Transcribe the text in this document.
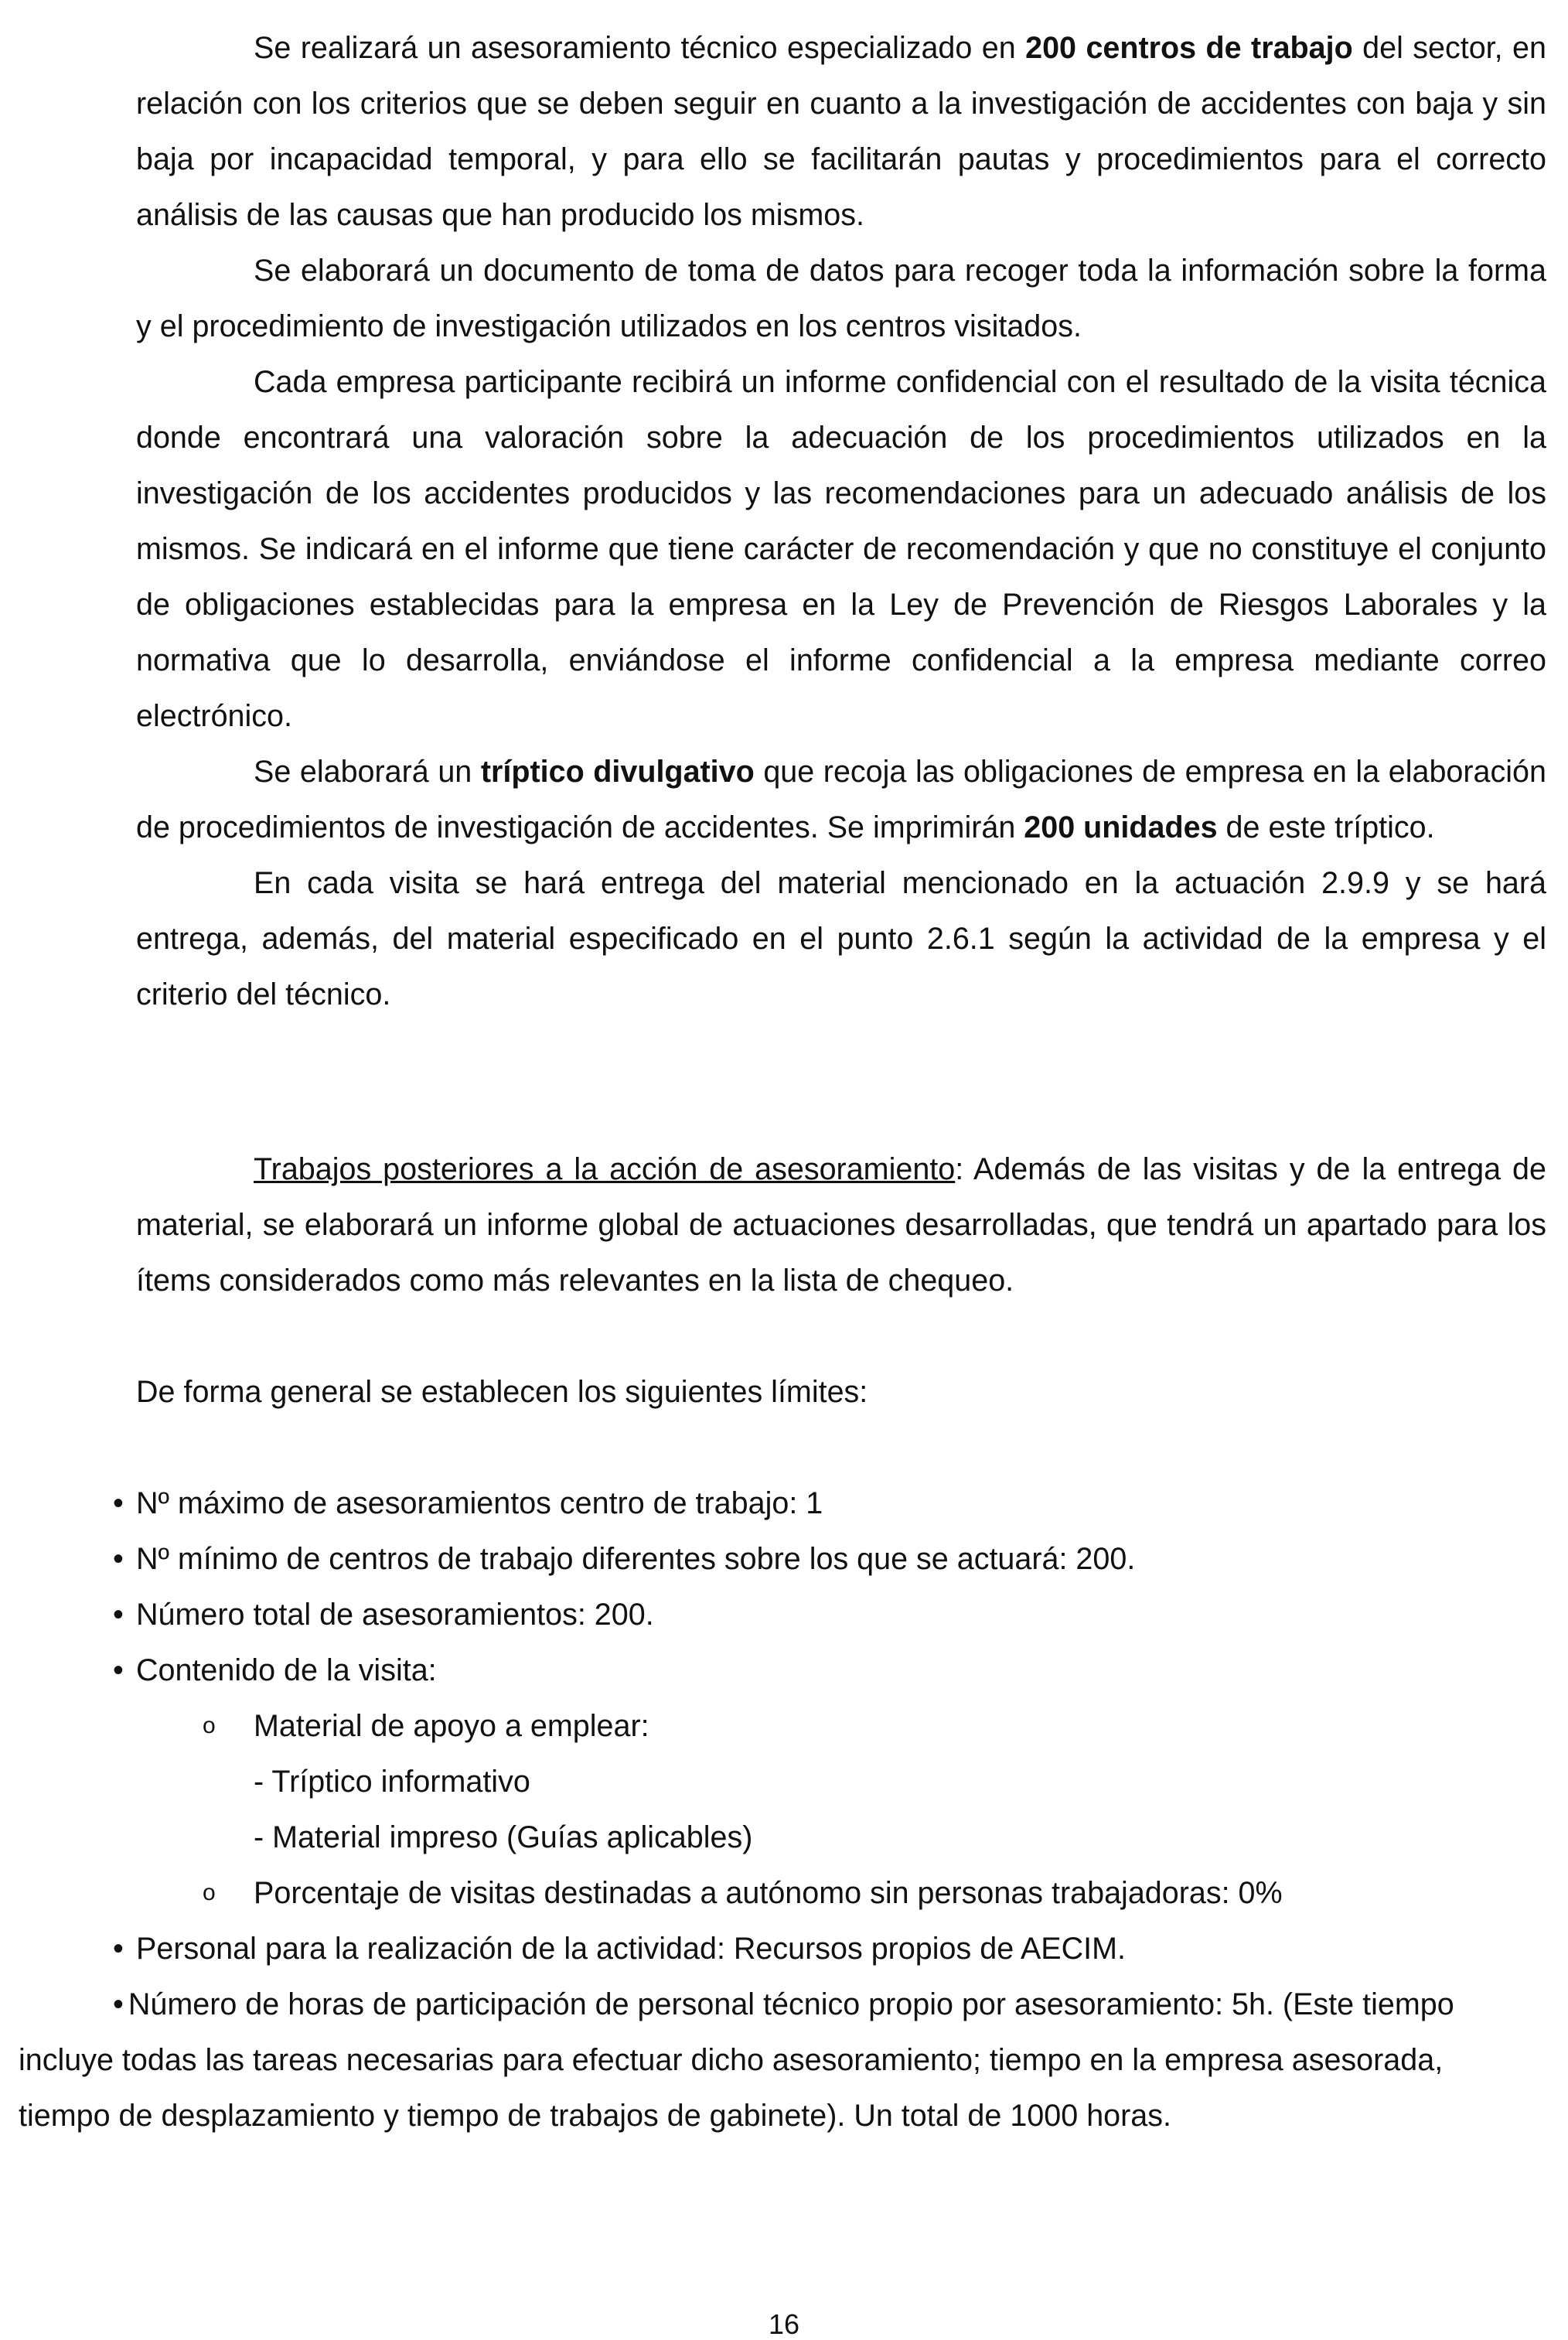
Se realizará un asesoramiento técnico especializado en 200 centros de trabajo del sector, en relación con los criterios que se deben seguir en cuanto a la investigación de accidentes con baja y sin baja por incapacidad temporal, y para ello se facilitarán pautas y procedimientos para el correcto análisis de las causas que han producido los mismos.

Se elaborará un documento de toma de datos para recoger toda la información sobre la forma y el procedimiento de investigación utilizados en los centros visitados.

Cada empresa participante recibirá un informe confidencial con el resultado de la visita técnica donde encontrará una valoración sobre la adecuación de los procedimientos utilizados en la investigación de los accidentes producidos y las recomendaciones para un adecuado análisis de los mismos. Se indicará en el informe que tiene carácter de recomendación y que no constituye el conjunto de obligaciones establecidas para la empresa en la Ley de Prevención de Riesgos Laborales y la normativa que lo desarrolla, enviándose el informe confidencial a la empresa mediante correo electrónico.

Se elaborará un tríptico divulgativo que recoja las obligaciones de empresa en la elaboración de procedimientos de investigación de accidentes. Se imprimirán 200 unidades de este tríptico.

En cada visita se hará entrega del material mencionado en la actuación 2.9.9 y se hará entrega, además, del material especificado en el punto 2.6.1 según la actividad de la empresa y el criterio del técnico.

Trabajos posteriores a la acción de asesoramiento: Además de las visitas y de la entrega de material, se elaborará un informe global de actuaciones desarrolladas, que tendrá un apartado para los ítems considerados como más relevantes en la lista de chequeo.

De forma general se establecen los siguientes límites:

• Nº máximo de asesoramientos centro de trabajo: 1
• Nº mínimo de centros de trabajo diferentes sobre los que se actuará: 200.
• Número total de asesoramientos: 200.
• Contenido de la visita:
o Material de apoyo a emplear:
- Tríptico informativo
- Material impreso (Guías aplicables)
o Porcentaje de visitas destinadas a autónomo sin personas trabajadoras: 0%
• Personal para la realización de la actividad: Recursos propios de AECIM.
• Número de horas de participación de personal técnico propio por asesoramiento: 5h. (Este tiempo incluye todas las tareas necesarias para efectuar dicho asesoramiento; tiempo en la empresa asesorada, tiempo de desplazamiento y tiempo de trabajos de gabinete). Un total de 1000 horas.
16
